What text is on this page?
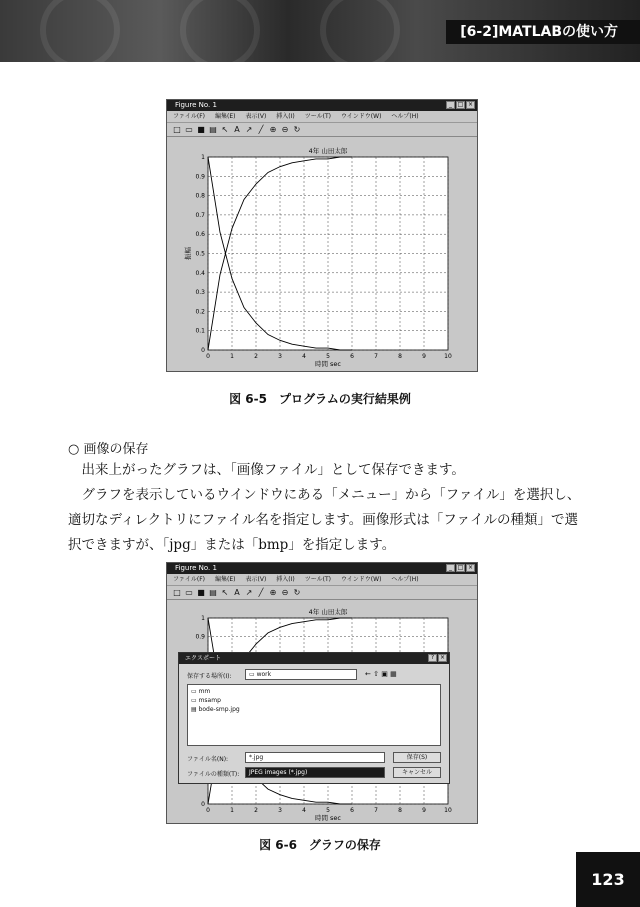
[6-2]MATLABの使い方
Figure No. 1	_ □ ×
ファイル(F) 編集(E) 表示(V) 挿入(I) ツール(T) ウインドウ(W) ヘルプ(H)
□ ▭ ■ ▤ ↖ A ↗ ╱ ⊕ ⊖ ↻
0	1	2	3	4	5	6	7	8	9	10
0
0.1
0.2
0.3
0.4
0.5
0.6
0.7
0.8
0.9
1
4年 山田太郎
時間 sec
振幅
図 6-5　プログラムの実行結果例
○ 画像の保存
　出来上がったグラフは、「画像ファイル」として保存できます。
　グラフを表示しているウインドウにある「メニュー」から「ファイル」を選択し、適切なディレクトリにファイル名を指定します。画像形式は「ファイルの種類」で選択できますが、「jpg」または「bmp」を指定します。
Figure No. 1	_ □ ×
ファイル(F) 編集(E) 表示(V) 挿入(I) ツール(T) ウインドウ(W) ヘルプ(H)
□ ▭ ■ ▤ ↖ A ↗ ╱ ⊕ ⊖ ↻
0	1	2	3	4	5	6	7	8	9	10
0
0.9
1
4年 山田太郎
時間 sec
エクスポート	? ×
保存する場所(I):	▭ work	← ⇧ ▣ ▦
▭ mm
▭ msamp
▤ bode-smp.jpg
ファイル名(N):	*.jpg	保存(S)
ファイルの種類(T):	JPEG images (*.jpg)	キャンセル
図 6-6　グラフの保存
123
